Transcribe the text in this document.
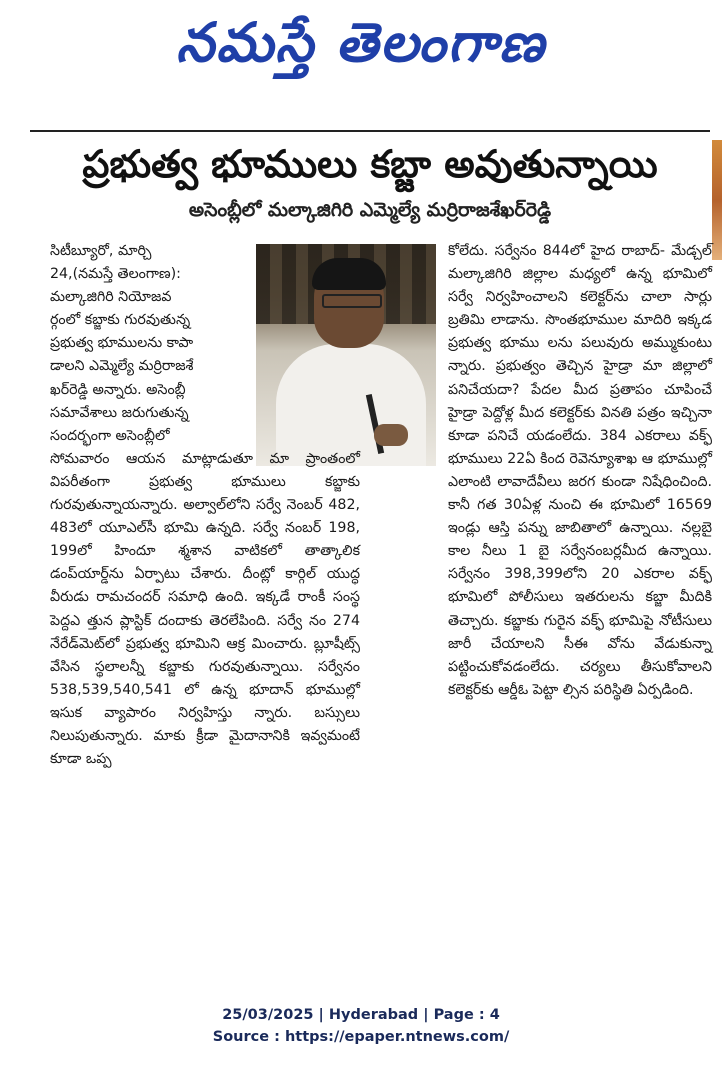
నమస్తే తెలంగాణ
ప్రభుత్వ భూములు కబ్జా అవుతున్నాయి
అసెంబ్లీలో మల్కాజిగిరి ఎమ్మెల్యే మర్రిరాజశేఖర్‌రెడ్డి
సిటీబ్యూరో, మార్చి
24,(నమస్తే తెలంగాణ):
మల్కాజిగిరి నియోజవ
ర్గంలో కబ్జాకు గురవుతున్న
ప్రభుత్వ భూములను కాపా
డాలని ఎమ్మెల్యే మర్రిరాజశే
ఖర్‌రెడ్డి అన్నారు. అసెంబ్లీ
సమావేశాలు జరుగుతున్న
సందర్భంగా అసెంబ్లీలో

సోమవారం ఆయన మాట్లాడుతూ మా ప్రాంతంలో విపరీతంగా ప్రభుత్వ భూములు కబ్జాకు గురవుతున్నాయన్నారు. అల్వాల్‌లోని సర్వే నెంబర్ 482, 483లో యూఎల్‌సీ భూమి ఉన్నది. సర్వే నంబర్ 198, 199లో హిందూ శ్మశాన వాటికలో తాత్కాలిక డంప్‌యార్డ్‌ను ఏర్పాటు చేశారు. దీంట్లో కార్గిల్ యుద్ధ వీరుడు రామచందర్ సమాధి ఉంది. ఇక్కడే రాంకీ సంస్థ పెద్దఎ త్తున ప్లాస్టిక్ దందాకు తెరలేపింది. సర్వే నం 274 నేరేడ్‌మెట్‌లో ప్రభుత్వ భూమిని ఆక్ర మించారు. బ్లూషీట్స్ వేసిన స్థలాలన్నీ కబ్జాకు గురవుతున్నాయి. సర్వేనం 538,539,540,541 లో ఉన్న భూదాన్ భూముల్లో ఇసుక వ్యాపారం నిర్వహిస్తు న్నారు. బస్సులు నిలుపుతున్నారు. మాకు క్రీడా మైదానానికి ఇవ్వమంటే కూడా ఒప్ప

కోలేదు. సర్వేనం 844లో హైద రాబాద్- మేడ్చల్ మల్కాజిగిరి జిల్లాల మధ్యలో ఉన్న భూమిలో సర్వే నిర్వహించాలని కలెక్టర్‌ను చాలా సార్లు బ్రతిమి లాడాను. సొంతభూముల మాదిరి ఇక్కడ ప్రభుత్వ భూము లను పలువురు అమ్ముకుంటు న్నారు. ప్రభుత్వం తెచ్చిన హైడ్రా మా జిల్లాలో పనిచేయదా? పేదల మీద ప్రతాపం చూపించే హైడ్రా పెద్దోళ్ల మీద కలెక్టర్‌కు వినతి పత్రం ఇచ్చినా కూడా పనిచే యడంలేదు. 384 ఎకరాలు వక్ఫ్ భూములు 22ఏ కింద రెవెన్యూశాఖ ఆ భూముల్లో ఎలాంటి లావాదేవీలు జరగ కుండా నిషేధించింది. కానీ గత 30ఏళ్ల నుంచి ఈ భూమిలో 16569 ఇండ్లు ఆస్తి పన్ను జాబితాలో ఉన్నాయి. నల్లబై కాల నీలు 1 బై సర్వేనంబర్లమీద ఉన్నాయి. సర్వేనం 398,399లోని 20 ఎకరాల వక్ఫ్ భూమిలో పోలీసులు ఇతరులను కబ్జా మీదికి తెచ్చారు. కబ్జాకు గురైన వక్ఫ్ భూమిపై నోటీసులు జారీ చేయాలని సీఈ వోను వేడుకున్నా పట్టించుకోవడంలేదు. చర్యలు తీసుకోవాలని కలెక్టర్‌కు ఆర్డీఓ పెట్టా ల్సిన పరిస్థితి ఏర్పడింది.

25/03/2025 | Hyderabad | Page : 4
Source : https://epaper.ntnews.com/
